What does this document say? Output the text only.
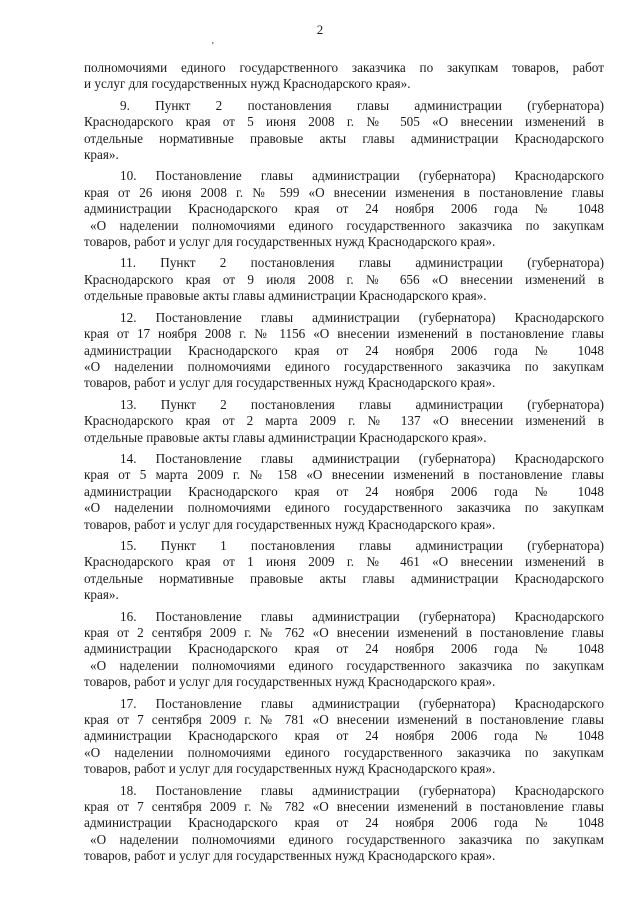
2
'
полномочиями единого государственного заказчика по закупкам товаров, работ
и услуг для государственных нужд Краснодарского края».
9. Пункт 2 постановления главы администрации (губернатора)
Краснодарского края от 5 июня 2008 г. № 505 «О внесении изменений в
отдельные нормативные правовые акты главы администрации Краснодарского
края».
10. Постановление главы администрации (губернатора) Краснодарского
края от 26 июня 2008 г. № 599 «О внесении изменения в постановление главы
администрации Краснодарского края от 24 ноября 2006 года № 1048
«О наделении полномочиями единого государственного заказчика по закупкам
товаров, работ и услуг для государственных нужд Краснодарского края».
11. Пункт 2 постановления главы администрации (губернатора)
Краснодарского края от 9 июля 2008 г. № 656 «О внесении изменений в
отдельные правовые акты главы администрации Краснодарского края».
12. Постановление главы администрации (губернатора) Краснодарского
края от 17 ноября 2008 г. № 1156 «О внесении изменений в постановление главы
администрации Краснодарского края от 24 ноября 2006 года № 1048
«О наделении полномочиями единого государственного заказчика по закупкам
товаров, работ и услуг для государственных нужд Краснодарского края».
13. Пункт 2 постановления главы администрации (губернатора)
Краснодарского края от 2 марта 2009 г. № 137 «О внесении изменений в
отдельные правовые акты главы администрации Краснодарского края».
14. Постановление главы администрации (губернатора) Краснодарского
края от 5 марта 2009 г. № 158 «О внесении изменений в постановление главы
администрации Краснодарского края от 24 ноября 2006 года № 1048
«О наделении полномочиями единого государственного заказчика по закупкам
товаров, работ и услуг для государственных нужд Краснодарского края».
15. Пункт 1 постановления главы администрации (губернатора)
Краснодарского края от 1 июня 2009 г. № 461 «О внесении изменений в
отдельные нормативные правовые акты главы администрации Краснодарского
края».
16. Постановление главы администрации (губернатора) Краснодарского
края от 2 сентября 2009 г. № 762 «О внесении изменений в постановление главы
администрации Краснодарского края от 24 ноября 2006 года № 1048
«О наделении полномочиями единого государственного заказчика по закупкам
товаров, работ и услуг для государственных нужд Краснодарского края».
17. Постановление главы администрации (губернатора) Краснодарского
края от 7 сентября 2009 г. № 781 «О внесении изменений в постановление главы
администрации Краснодарского края от 24 ноября 2006 года № 1048
«О наделении полномочиями единого государственного заказчика по закупкам
товаров, работ и услуг для государственных нужд Краснодарского края».
18. Постановление главы администрации (губернатора) Краснодарского
края от 7 сентября 2009 г. № 782 «О внесении изменений в постановление главы
администрации Краснодарского края от 24 ноября 2006 года № 1048
«О наделении полномочиями единого государственного заказчика по закупкам
товаров, работ и услуг для государственных нужд Краснодарского края».
